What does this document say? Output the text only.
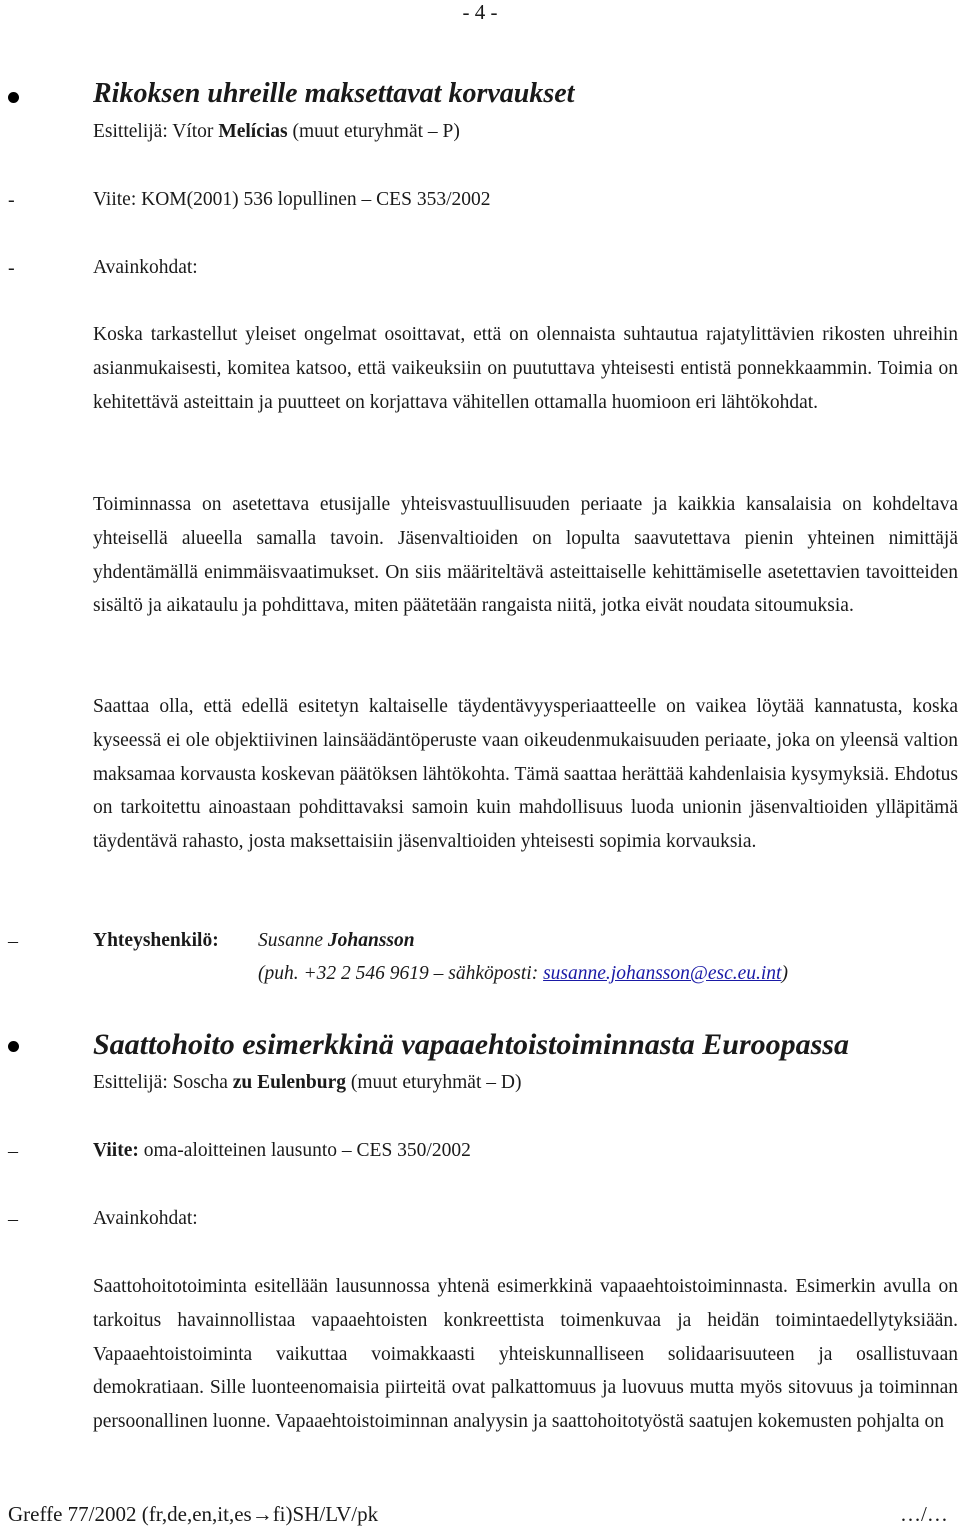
- 4 -
Rikoksen uhreille maksettavat korvaukset
Esittelijä: Vítor Melícias (muut eturyhmät – P)
-	Viite: KOM(2001) 536 lopullinen – CES 353/2002
-	Avainkohdat:
Koska tarkastellut yleiset ongelmat osoittavat, että on olennaista suhtautua rajatylittävien rikosten uhreihin asianmukaisesti, komitea katsoo, että vaikeuksiin on puututtava yhteisesti entistä ponnekkaammin. Toimia on kehitettävä asteittain ja puutteet on korjattava vähitellen ottamalla huomioon eri lähtökohdat.
Toiminnassa on asetettava etusijalle yhteisvastuullisuuden periaate ja kaikkia kansalaisia on kohdeltava yhteisellä alueella samalla tavoin. Jäsenvaltioiden on lopulta saavutettava pienin yhteinen nimittäjä yhdentämällä enimmäisvaatimukset. On siis määriteltävä asteittaiselle kehittämiselle asetettavien tavoitteiden sisältö ja aikataulu ja pohdittava, miten päätetään rangaista niitä, jotka eivät noudata sitoumuksia.
Saattaa olla, että edellä esitetyn kaltaiselle täydentävyysperiaatteelle on vaikea löytää kannatusta, koska kyseessä ei ole objektiivinen lainsäädäntöperuste vaan oikeudenmukaisuuden periaate, joka on yleensä valtion maksamaa korvausta koskevan päätöksen lähtökohta. Tämä saattaa herättää kahdenlaisia kysymyksiä. Ehdotus on tarkoitettu ainoastaan pohdittavaksi samoin kuin mahdollisuus luoda unionin jäsenvaltioiden ylläpitämä täydentävä rahasto, josta maksettaisiin jäsenvaltioiden yhteisesti sopimia korvauksia.
–	Yhteyshenkilö: Susanne Johansson
(puh. +32 2 546 9619 – sähköposti: susanne.johansson@esc.eu.int)
Saattohoito esimerkkinä vapaaehtoistoiminnasta Euroopassa
Esittelijä: Soscha zu Eulenburg (muut eturyhmät – D)
–	Viite: oma-aloitteinen lausunto – CES 350/2002
–	Avainkohdat:
Saattohoitotoiminta esitellään lausunnossa yhtenä esimerkkinä vapaaehtoistoiminnasta. Esimerkin avulla on tarkoitus havainnollistaa vapaaehtoisten konkreettista toimenkuvaa ja heidän toimintaedellytyksiään. Vapaaehtoistoiminta vaikuttaa voimakkaasti yhteiskunnalliseen solidaarisuuteen ja osallistuvaan demokratiaan. Sille luonteenomaisia piirteitä ovat palkattomuus ja luovuus mutta myös sitovuus ja toiminnan persoonallinen luonne. Vapaaehtoistoiminnan analyysin ja saattohoitotyöstä saatujen kokemusten pohjalta on
Greffe 77/2002 (fr,de,en,it,es→fi)SH/LV/pk	…/…
